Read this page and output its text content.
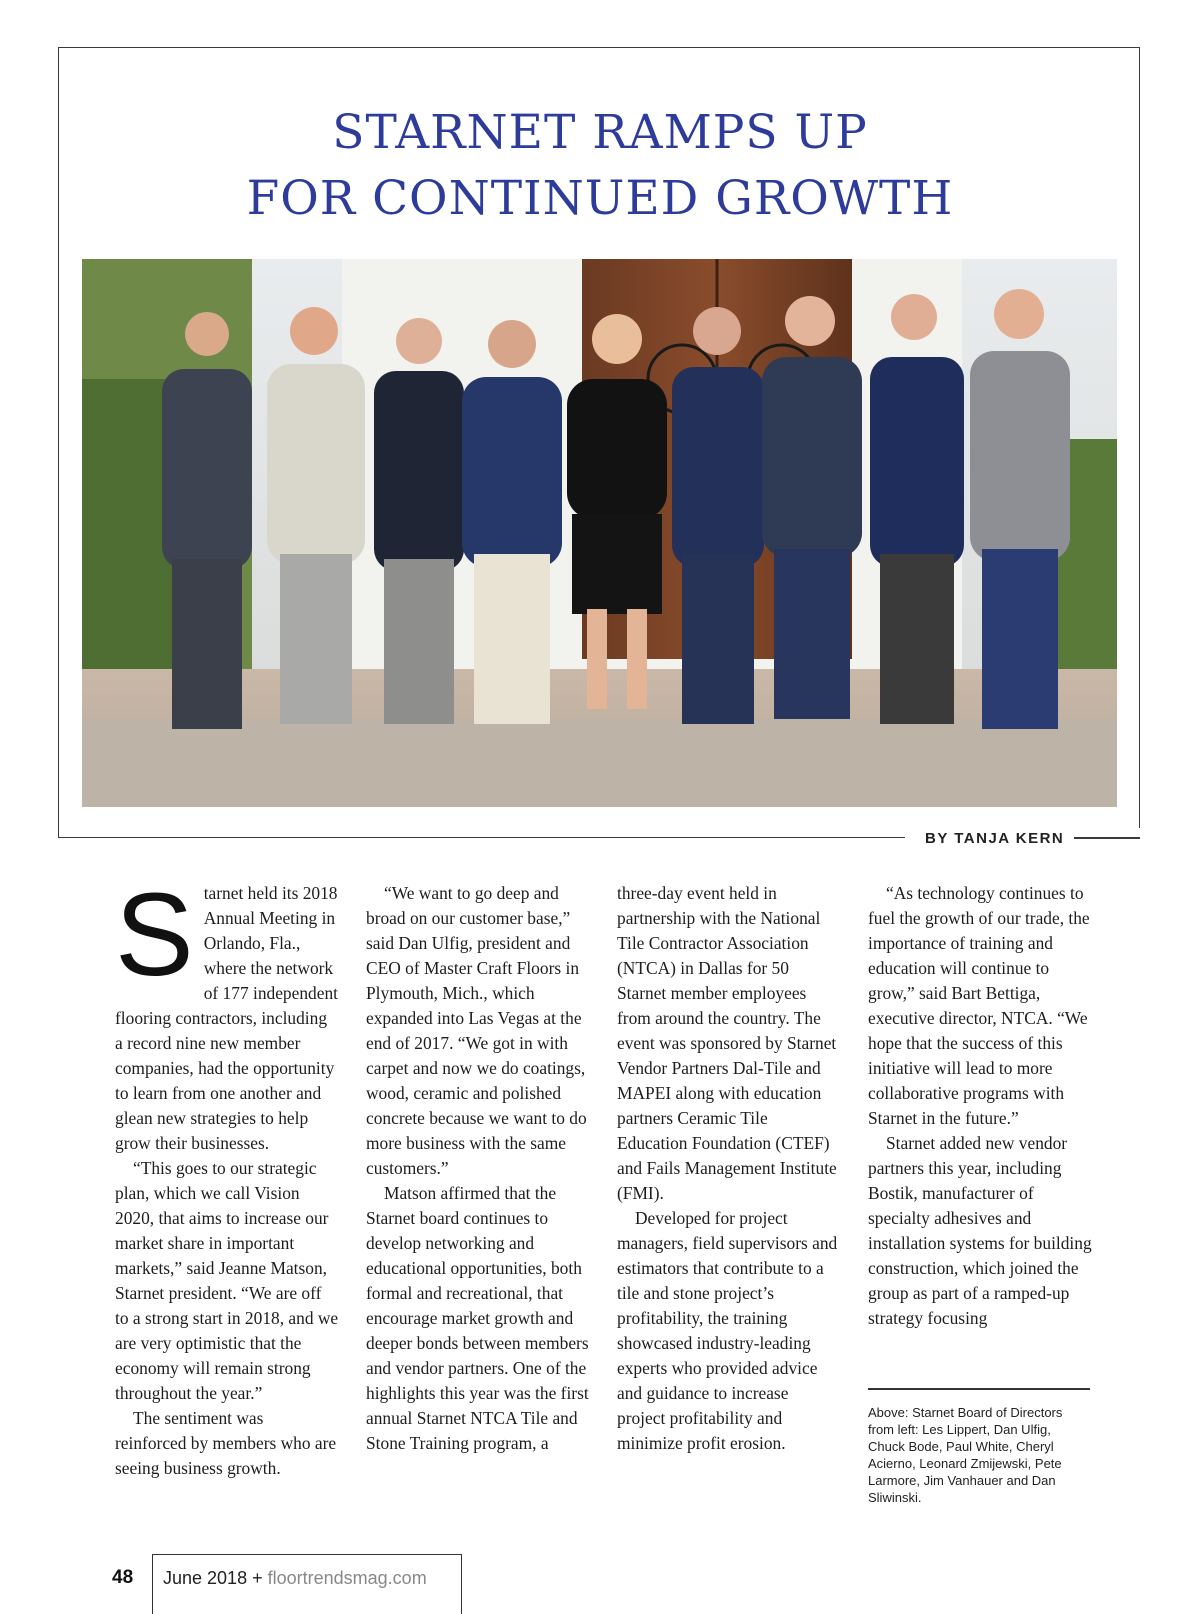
STARNET RAMPS UP
FOR CONTINUED GROWTH
BY TANJA KERN

Starnet held its 2018 Annual Meeting in Orlando, Fla., where the network of 177 independent flooring contractors, including a record nine new member companies, had the opportunity to learn from one another and glean new strategies to help grow their businesses.

“This goes to our strategic plan, which we call Vision 2020, that aims to increase our market share in important markets,” said Jeanne Matson, Starnet president. “We are off to a strong start in 2018, and we are very optimistic that the economy will remain strong throughout the year.”

The sentiment was reinforced by members who are seeing business growth.

“We want to go deep and broad on our customer base,” said Dan Ulfig, president and CEO of Master Craft Floors in Plymouth, Mich., which expanded into Las Vegas at the end of 2017. “We got in with carpet and now we do coatings, wood, ceramic and polished concrete because we want to do more business with the same customers.”

Matson affirmed that the Starnet board continues to develop networking and educational opportunities, both formal and recreational, that encourage market growth and deeper bonds between members and vendor partners. One of the highlights this year was the first annual Starnet NTCA Tile and Stone Training program, a

three-day event held in partnership with the National Tile Contractor Association (NTCA) in Dallas for 50 Starnet member employees from around the country. The event was sponsored by Starnet Vendor Partners Dal-Tile and MAPEI along with education partners Ceramic Tile Education Foundation (CTEF) and Fails Management Institute (FMI).

Developed for project managers, field supervisors and estimators that contribute to a tile and stone project’s profitability, the training showcased industry-leading experts who provided advice and guidance to increase project profitability and minimize profit erosion.

“As technology continues to fuel the growth of our trade, the importance of training and education will continue to grow,” said Bart Bettiga, executive director, NTCA. “We hope that the success of this initiative will lead to more collaborative programs with Starnet in the future.”

Starnet added new vendor partners this year, including Bostik, manufacturer of specialty adhesives and installation systems for building construction, which joined the group as part of a ramped-up strategy focusing

Above: Starnet Board of Directors from left: Les Lippert, Dan Ulfig, Chuck Bode, Paul White, Cheryl Acierno, Leonard Zmijewski, Pete Larmore, Jim Vanhauer and Dan Sliwinski.
48 June 2018 + floortrendsmag.com
